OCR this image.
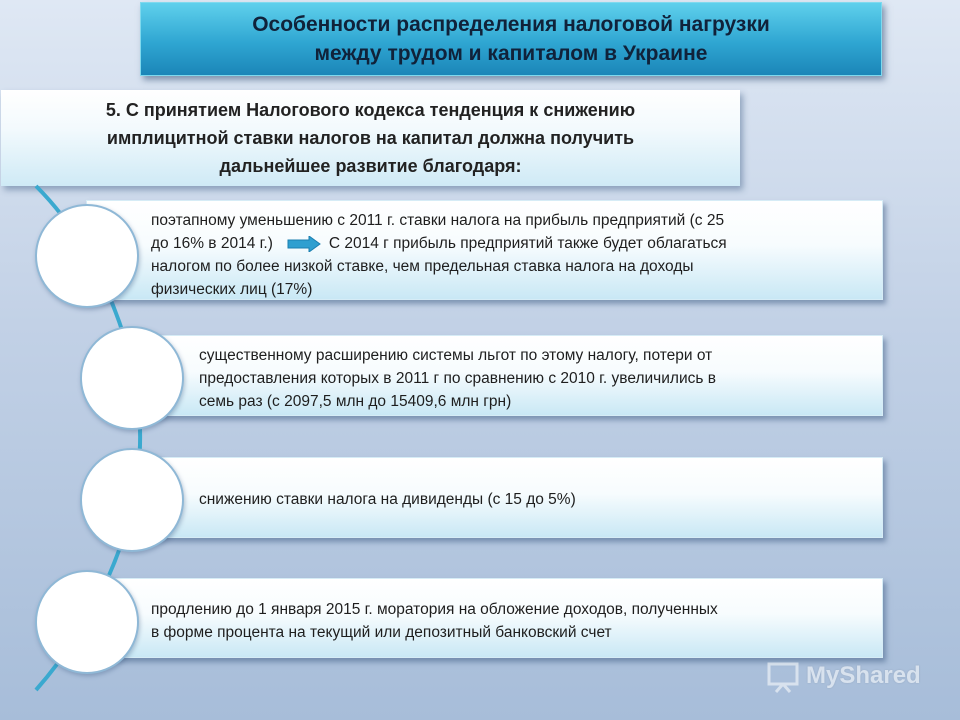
Особенности распределения налоговой нагрузки
между трудом и капиталом в Украине
5. С принятием Налогового кодекса тенденция к снижению
имплицитной ставки налогов на капитал должна получить
дальнейшее развитие благодаря:
поэтапному уменьшению с 2011 г. ставки налога на прибыль предприятий (с 25
до 16% в 2014 г.)	С 2014 г прибыль предприятий также будет облагаться
налогом по более низкой ставке, чем предельная ставка налога на доходы
физических лиц (17%)
существенному расширению системы льгот по этому налогу, потери от
предоставления которых в 2011 г по сравнению с 2010 г. увеличились в
семь раз (с 2097,5 млн до 15409,6 млн грн)
снижению ставки налога на дивиденды (с 15 до 5%)
продлению до 1 января 2015 г. моратория на обложение доходов, полученных
в форме процента на текущий или депозитный банковский счет
MyShared
